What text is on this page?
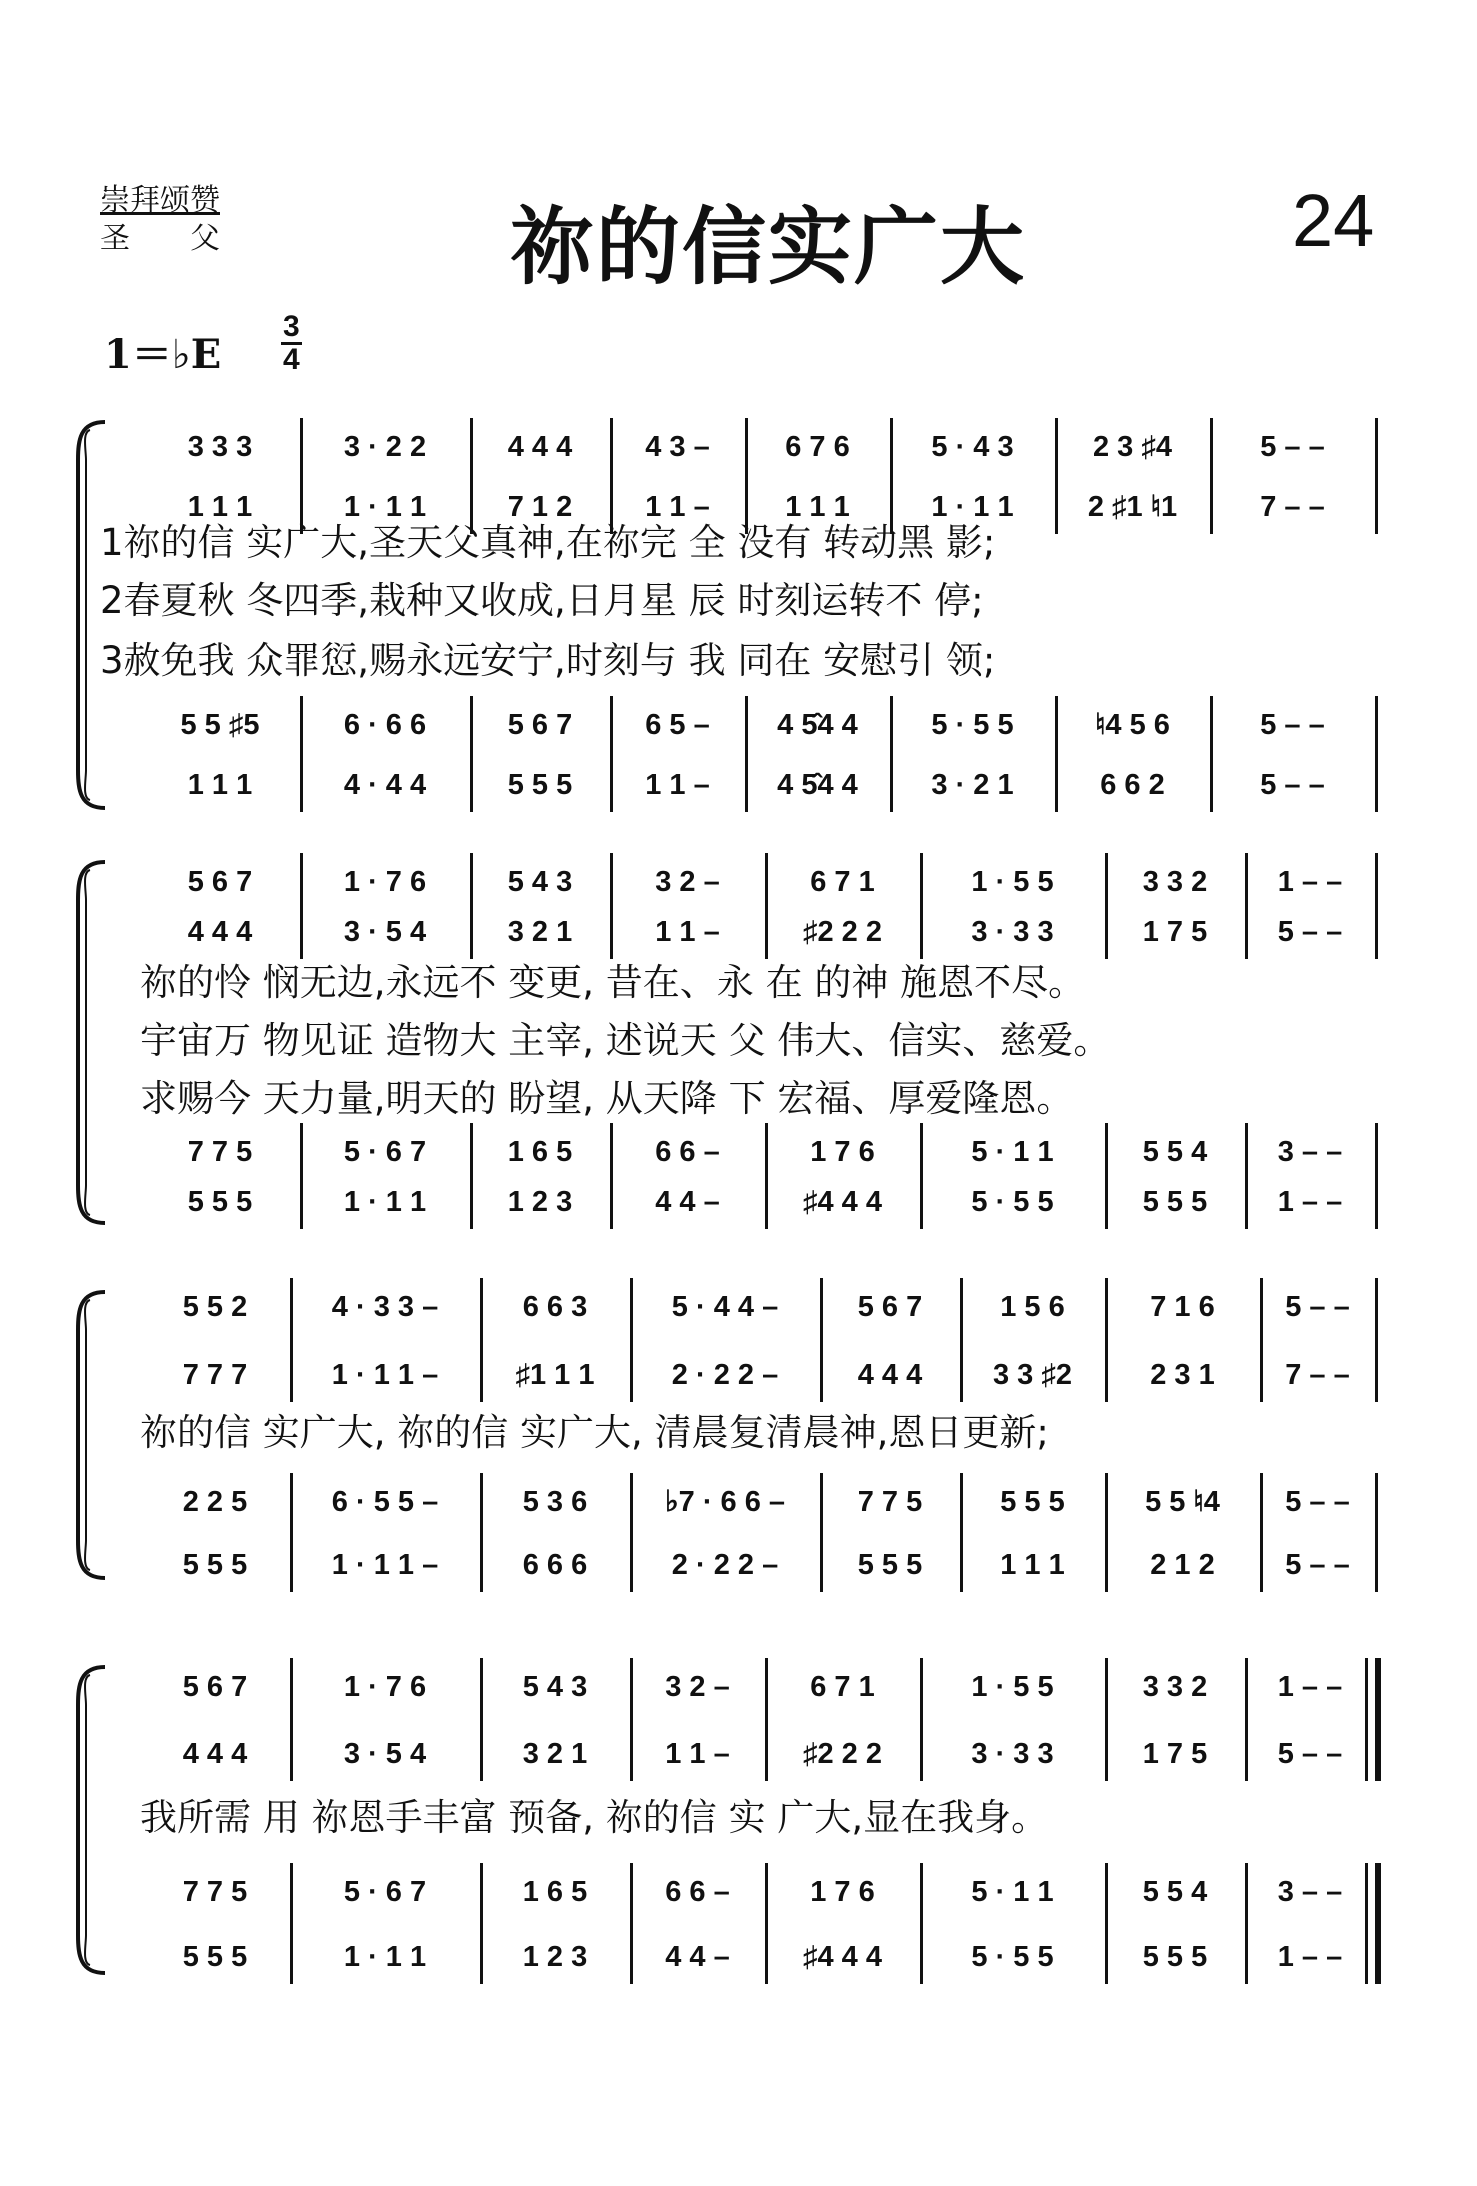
崇拜颂赞
圣　　父	祢的信实广大	24
1＝♭E $\frac{3}{4}$
3 3 3	3 · 2 2	4 4 4	4 3 –	6 7 6	5 · 4 3	2 3 ♯4	5 – –
1 1 1	1 · 1 1	7 1 2	1 1 –	1 1 1	1 · 1 1	2 ♯1 ♮1	7 – –
5 5 ♯5	6 · 6 6	5 6 7	6 5 –	4 5̂4 4	5 · 5 5	♮4 5 6	5 – –
1 1 1	4 · 4 4	5 5 5	1 1 –	4 5̂4 4	3 · 2 1	6 6 2	5 – –
1祢的信 实广大,圣天父真神,在祢完 全 没有 转动黑 影;
2春夏秋 冬四季,栽种又收成,日月星 辰 时刻运转不 停;
3赦免我 众罪愆,赐永远安宁,时刻与 我 同在 安慰引 领;
5 6 7	1 · 7 6	5 4 3	3 2 –	6 7 1	1 · 5 5	3 3 2	1 – –
4 4 4	3 · 5 4	3 2 1	1 1 –	♯2 2 2	3 · 3 3	1 7 5	5 – –
7 7 5	5 · 6 7	1 6 5	6 6 –	1 7 6	5 · 1 1	5 5 4	3 – –
5 5 5	1 · 1 1	1 2 3	4 4 –	♯4 4 4	5 · 5 5	5 5 5	1 – –
祢的怜 悯无边,永远不 变更, 昔在、永 在 的神 施恩不尽。
宇宙万 物见证 造物大 主宰, 述说天 父 伟大、信实、慈爱。
求赐今 天力量,明天的 盼望, 从天降 下 宏福、厚爱隆恩。
5 5 2	4 · 3 3 –	6 6 3	5 · 4 4 –	5 6 7	1 5 6	7 1 6	5 – –
7 7 7	1 · 1 1 –	♯1 1 1	2 · 2 2 –	4 4 4	3 3 ♯2	2 3 1	7 – –
2 2 5	6 · 5 5 –	5 3 6	♭7 · 6 6 –	7 7 5	5 5 5	5 5 ♮4	5 – –
5 5 5	1 · 1 1 –	6 6 6	2 · 2 2 –	5 5 5	1 1 1	2 1 2	5 – –
祢的信 实广大, 祢的信 实广大, 清晨复清晨神,恩日更新;
5 6 7	1 · 7 6	5 4 3	3 2 –	6 7 1	1 · 5 5	3 3 2	1 – –
4 4 4	3 · 5 4	3 2 1	1 1 –	♯2 2 2	3 · 3 3	1 7 5	5 – –
7 7 5	5 · 6 7	1 6 5	6 6 –	1 7 6	5 · 1 1	5 5 4	3 – –
5 5 5	1 · 1 1	1 2 3	4 4 –	♯4 4 4	5 · 5 5	5 5 5	1 – –
我所需 用 祢恩手丰富 预备, 祢的信 实 广大,显在我身。
